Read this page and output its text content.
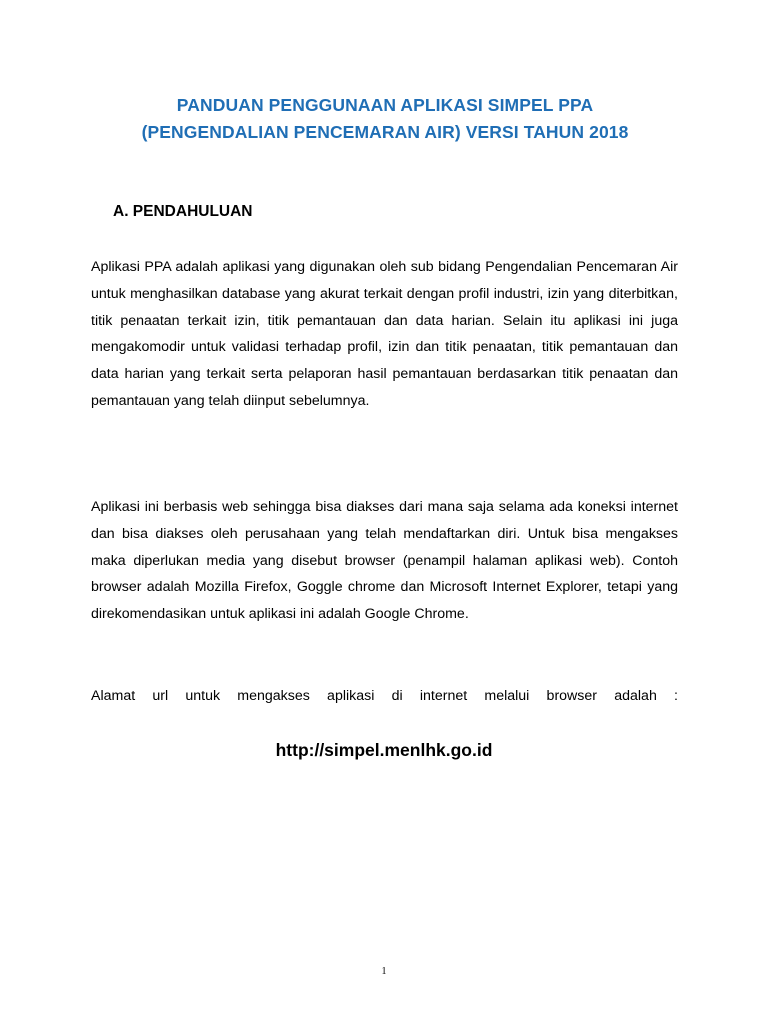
PANDUAN PENGGUNAAN APLIKASI SIMPEL PPA
(PENGENDALIAN PENCEMARAN AIR) VERSI TAHUN 2018
A. PENDAHULUAN

Aplikasi PPA adalah aplikasi yang digunakan oleh sub bidang Pengendalian Pencemaran Air untuk menghasilkan database yang akurat terkait dengan profil industri, izin yang diterbitkan, titik penaatan terkait izin, titik pemantauan dan data harian. Selain itu aplikasi ini juga mengakomodir untuk validasi terhadap profil, izin dan titik penaatan, titik pemantauan dan data harian yang terkait serta pelaporan hasil pemantauan berdasarkan titik penaatan dan pemantauan yang telah diinput sebelumnya.

Aplikasi ini berbasis web sehingga bisa diakses dari mana saja selama ada koneksi internet dan bisa diakses oleh perusahaan yang telah mendaftarkan diri. Untuk bisa mengakses maka diperlukan media yang disebut browser (penampil halaman aplikasi web). Contoh browser adalah Mozilla Firefox, Goggle chrome dan Microsoft Internet Explorer, tetapi yang direkomendasikan untuk aplikasi ini adalah Google Chrome.

Alamat url untuk mengakses aplikasi di internet melalui browser adalah :
http://simpel.menlhk.go.id
1
